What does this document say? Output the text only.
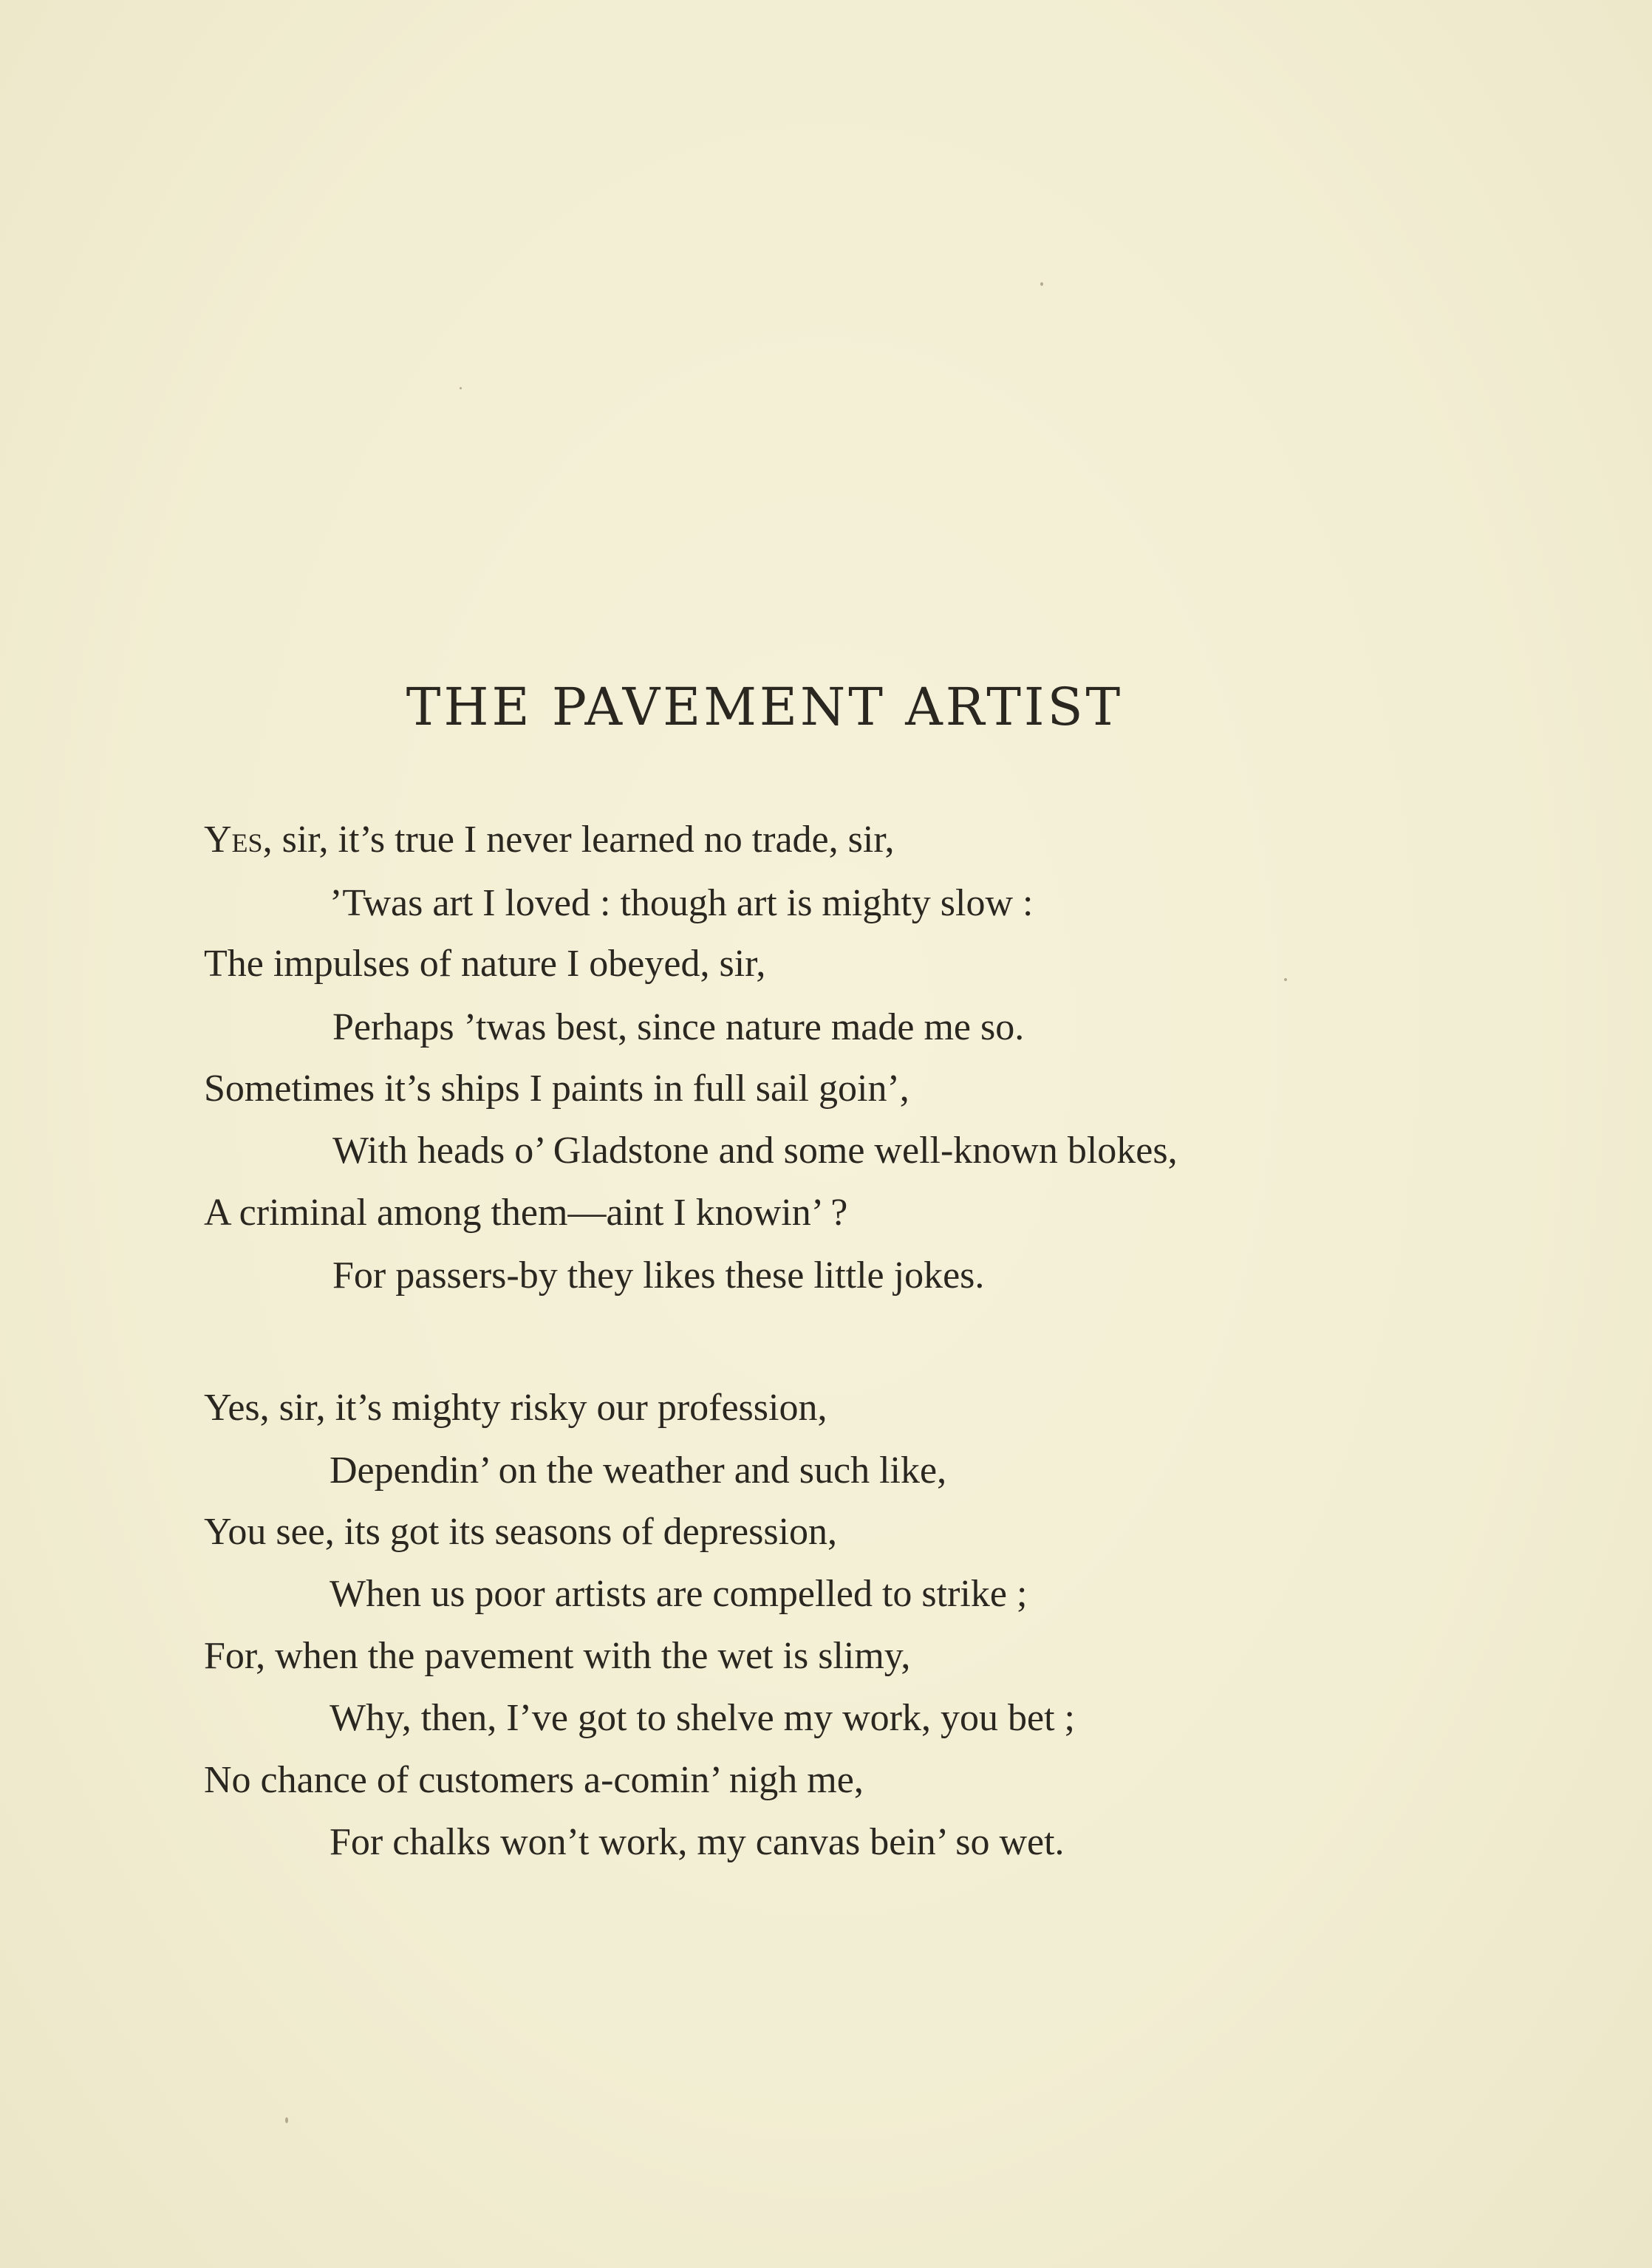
THE PAVEMENT ARTIST
Yes, sir, it’s true I never learned no trade, sir,
’Twas art I loved : though art is mighty slow :
The impulses of nature I obeyed, sir,
Perhaps ’twas best, since nature made me so.
Sometimes it’s ships I paints in full sail goin’,
With heads o’ Gladstone and some well-known blokes,
A criminal among them—aint I knowin’ ?
For passers-by they likes these little jokes.
Yes, sir, it’s mighty risky our profession,
Dependin’ on the weather and such like,
You see, its got its seasons of depression,
When us poor artists are compelled to strike ;
For, when the pavement with the wet is slimy,
Why, then, I’ve got to shelve my work, you bet ;
No chance of customers a-comin’ nigh me,
For chalks won’t work, my canvas bein’ so wet.
